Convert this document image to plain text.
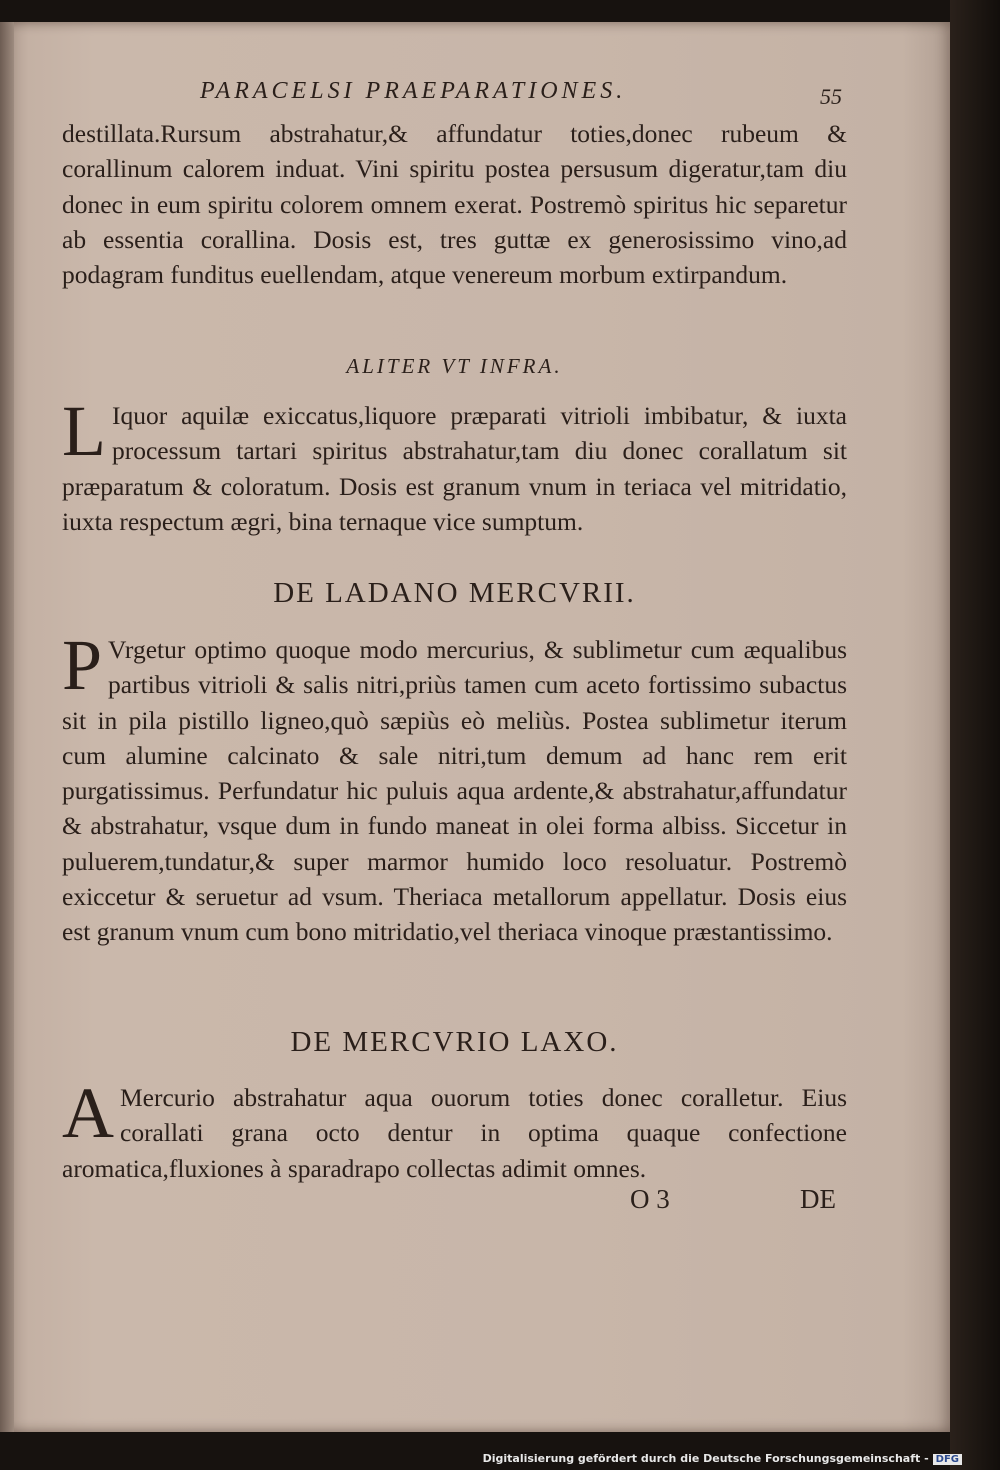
PARACELSI PRAEPARATIONES.	55
destillata.Rursum abstrahatur,& affundatur toties,donec rubeum & corallinum calorem induat. Vini spiritu postea persusum digeratur,tam diu donec in eum spiritu colorem omnem exerat. Postremò spiritus hic separetur ab essentia corallina. Dosis est, tres guttæ ex generosissimo vino,ad podagram funditus euellendam, atque venereum morbum extirpandum.
ALITER VT INFRA.
L Iquor aquilæ exiccatus,liquore præparati vitrioli imbibatur, & iuxta processum tartari spiritus abstrahatur,tam diu donec corallatum sit præparatum & coloratum. Dosis est granum vnum in teriaca vel mitridatio, iuxta respectum ægri, bina ternaque vice sumptum.
DE LADANO MERCVRII.
P Vrgetur optimo quoque modo mercurius, & sublimetur cum æqualibus partibus vitrioli & salis nitri,priùs tamen cum aceto fortissimo subactus sit in pila pistillo ligneo,quò sæpiùs eò meliùs. Postea sublimetur iterum cum alumine calcinato & sale nitri,tum demum ad hanc rem erit purgatissimus. Perfundatur hic puluis aqua ardente,& abstrahatur,affundatur & abstrahatur, vsque dum in fundo maneat in olei forma albiss. Siccetur in puluerem,tundatur,& super marmor humido loco resoluatur. Postremò exiccetur & seruetur ad vsum. Theriaca metallorum appellatur. Dosis eius est granum vnum cum bono mitridatio,vel theriaca vinoque præstantissimo.
DE MERCVRIO LAXO.
A Mercurio abstrahatur aqua ouorum toties donec coralletur. Eius corallati grana octo dentur in optima quaque confectione aromatica,fluxiones à sparadrapo collectas adimit omnes.
O 3	DE
Digitalisierung gefördert durch die Deutsche Forschungsgemeinschaft - DFG
